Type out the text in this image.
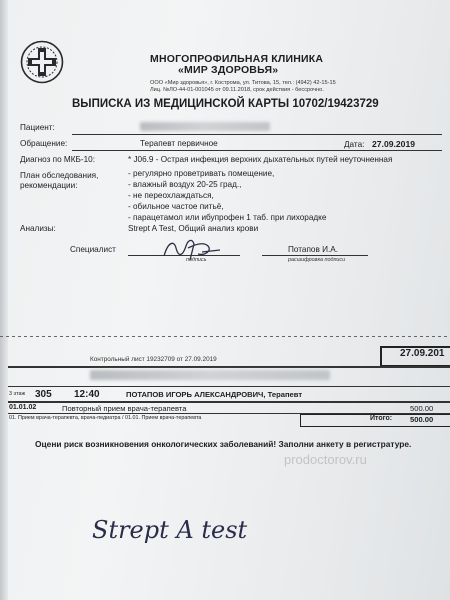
МНОГОПРОФИЛЬНАЯ КЛИНИКА
«МИР ЗДОРОВЬЯ»
ООО «Мир здоровья», г. Кострома, ул. Титова, 15, тел.: (4942) 42-15-15
Лиц. №ЛО-44-01-001045 от 09.11.2018, срок действия - бессрочно.
ВЫПИСКА ИЗ МЕДИЦИНСКОЙ КАРТЫ 10702/19423729
Пациент:
Обращение:	Терапевт первичное	Дата: 27.09.2019
Диагноз по МКБ-10:	* J06.9 - Острая инфекция верхних дыхательных путей неуточненная
План обследования,
рекомендации:
- регулярно проветривать помещение,
- влажный воздух 20-25 град.,
- не переохлаждаться,
- обильное частое питьё,
- парацетамол или ибупрофен 1 таб. при лихорадке
Анализы:	Strept A Test, Общий анализ крови
Специалист
подпись
Потапов И.А.
расшифровка подписи
Контрольный лист 19232709 от 27.09.2019
27.09.201
3 этаж 305 12:40	ПОТАПОВ ИГОРЬ АЛЕКСАНДРОВИЧ, Терапевт
01.01.02	Повторный прием врача-терапевта	500.00
01. Прием врача-терапевта, врача-педиатра / 01.01. Прием врача-терапевта	Итого: 500.00
Оцени риск возникновения онкологических заболеваний! Заполни анкету в регистратуре.
prodoctorov.ru
Strept A test
